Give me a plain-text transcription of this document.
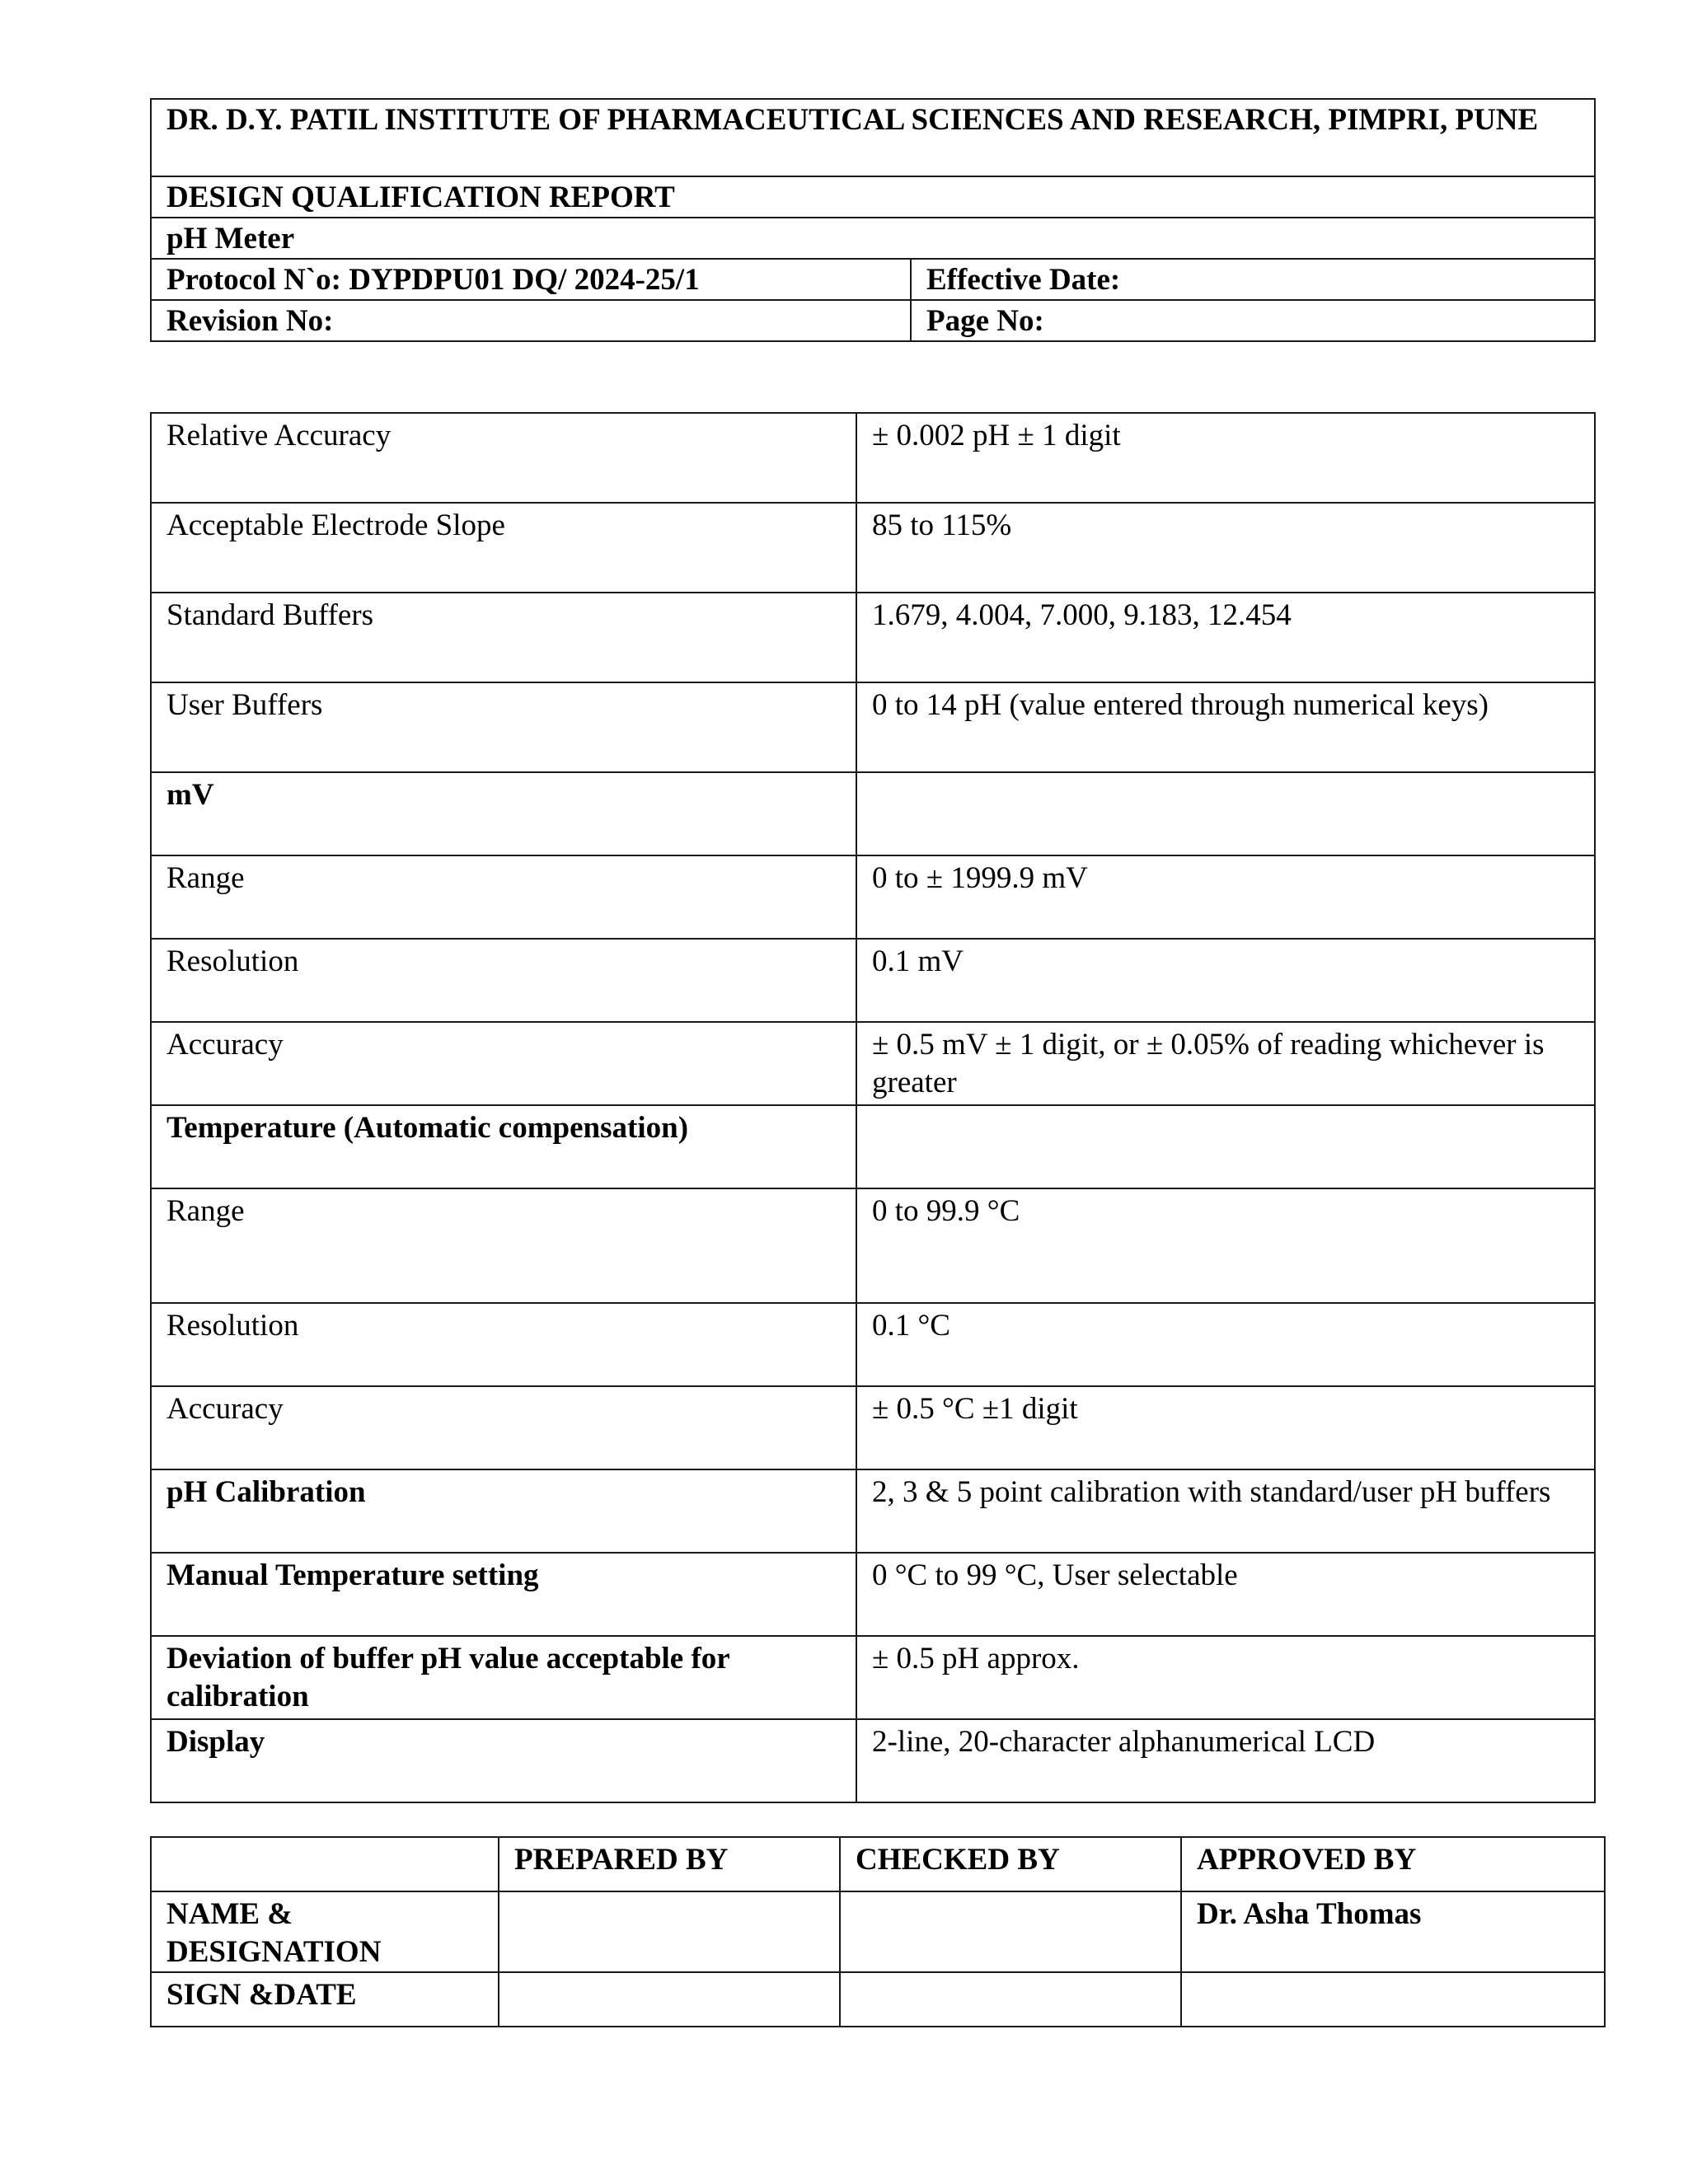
DR. D.Y. PATIL INSTITUTE OF PHARMACEUTICAL SCIENCES AND RESEARCH, PIMPRI, PUNE	
DESIGN QUALIFICATION REPORT	
pH Meter	
Protocol N`o: DYPDPU01 DQ/ 2024-25/1	Effective Date:
Revision No:	Page No:
Relative Accuracy	± 0.002 pH ± 1 digit
Acceptable Electrode Slope	85 to 115%
Standard Buffers	1.679, 4.004, 7.000, 9.183, 12.454
User Buffers	0 to 14 pH (value entered through numerical keys)
mV	
Range	0 to ± 1999.9 mV
Resolution	0.1 mV
Accuracy	± 0.5 mV ± 1 digit, or ± 0.05% of reading whichever is greater
Temperature (Automatic compensation)	
Range	0 to 99.9 °C
Resolution	0.1 °C
Accuracy	± 0.5 °C ±1 digit
pH Calibration	2, 3 & 5 point calibration with standard/user pH buffers
Manual Temperature setting	0 °C to 99 °C, User selectable
Deviation of buffer pH value acceptable for calibration	± 0.5 pH approx.
Display	2-line, 20-character alphanumerical LCD
	PREPARED BY	CHECKED BY	APPROVED BY
NAME & DESIGNATION			Dr. Asha Thomas
SIGN &DATE			
